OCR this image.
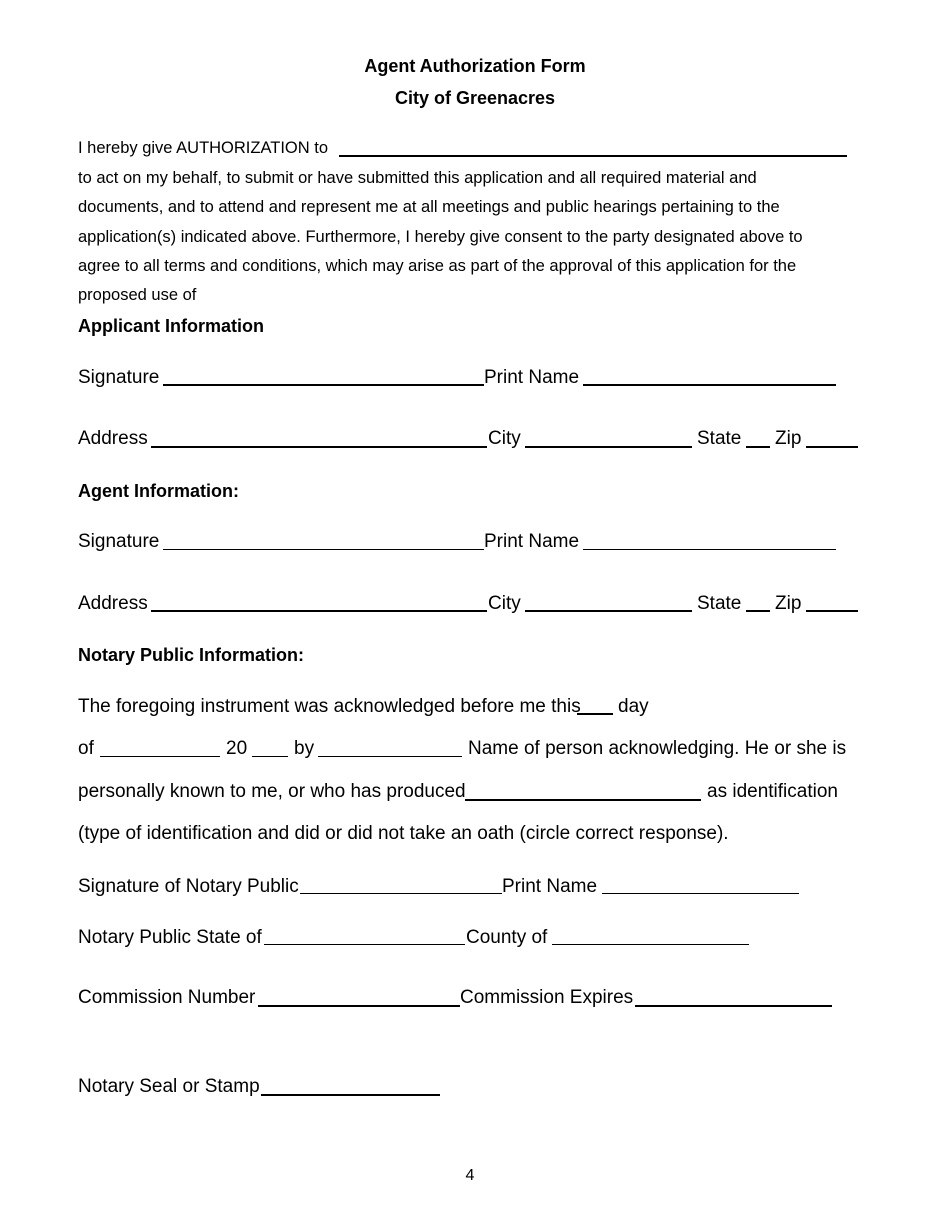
Agent Authorization Form
City of Greenacres
I hereby give AUTHORIZATION to
to act on my behalf, to submit or have submitted this application and all required material and
documents, and to attend and represent me at all meetings and public hearings pertaining to the
application(s) indicated above. Furthermore, I hereby give consent to the party designated above to
agree to all terms and conditions, which may arise as part of the approval of this application for the
proposed use of
Applicant Information
Signature	Print Name
Address	City	State Zip
Agent Information:
Signature	Print Name
Address	City	State Zip
Notary Public Information:
The foregoing instrument was acknowledged before me this day
of	20 by	Name of person acknowledging. He or she is
personally known to me, or who has produced	as identification
(type of identification and did or did not take an oath (circle correct response).
Signature of Notary Public	Print Name
Notary Public State of	County of
Commission Number	Commission Expires
Notary Seal or Stamp
4
